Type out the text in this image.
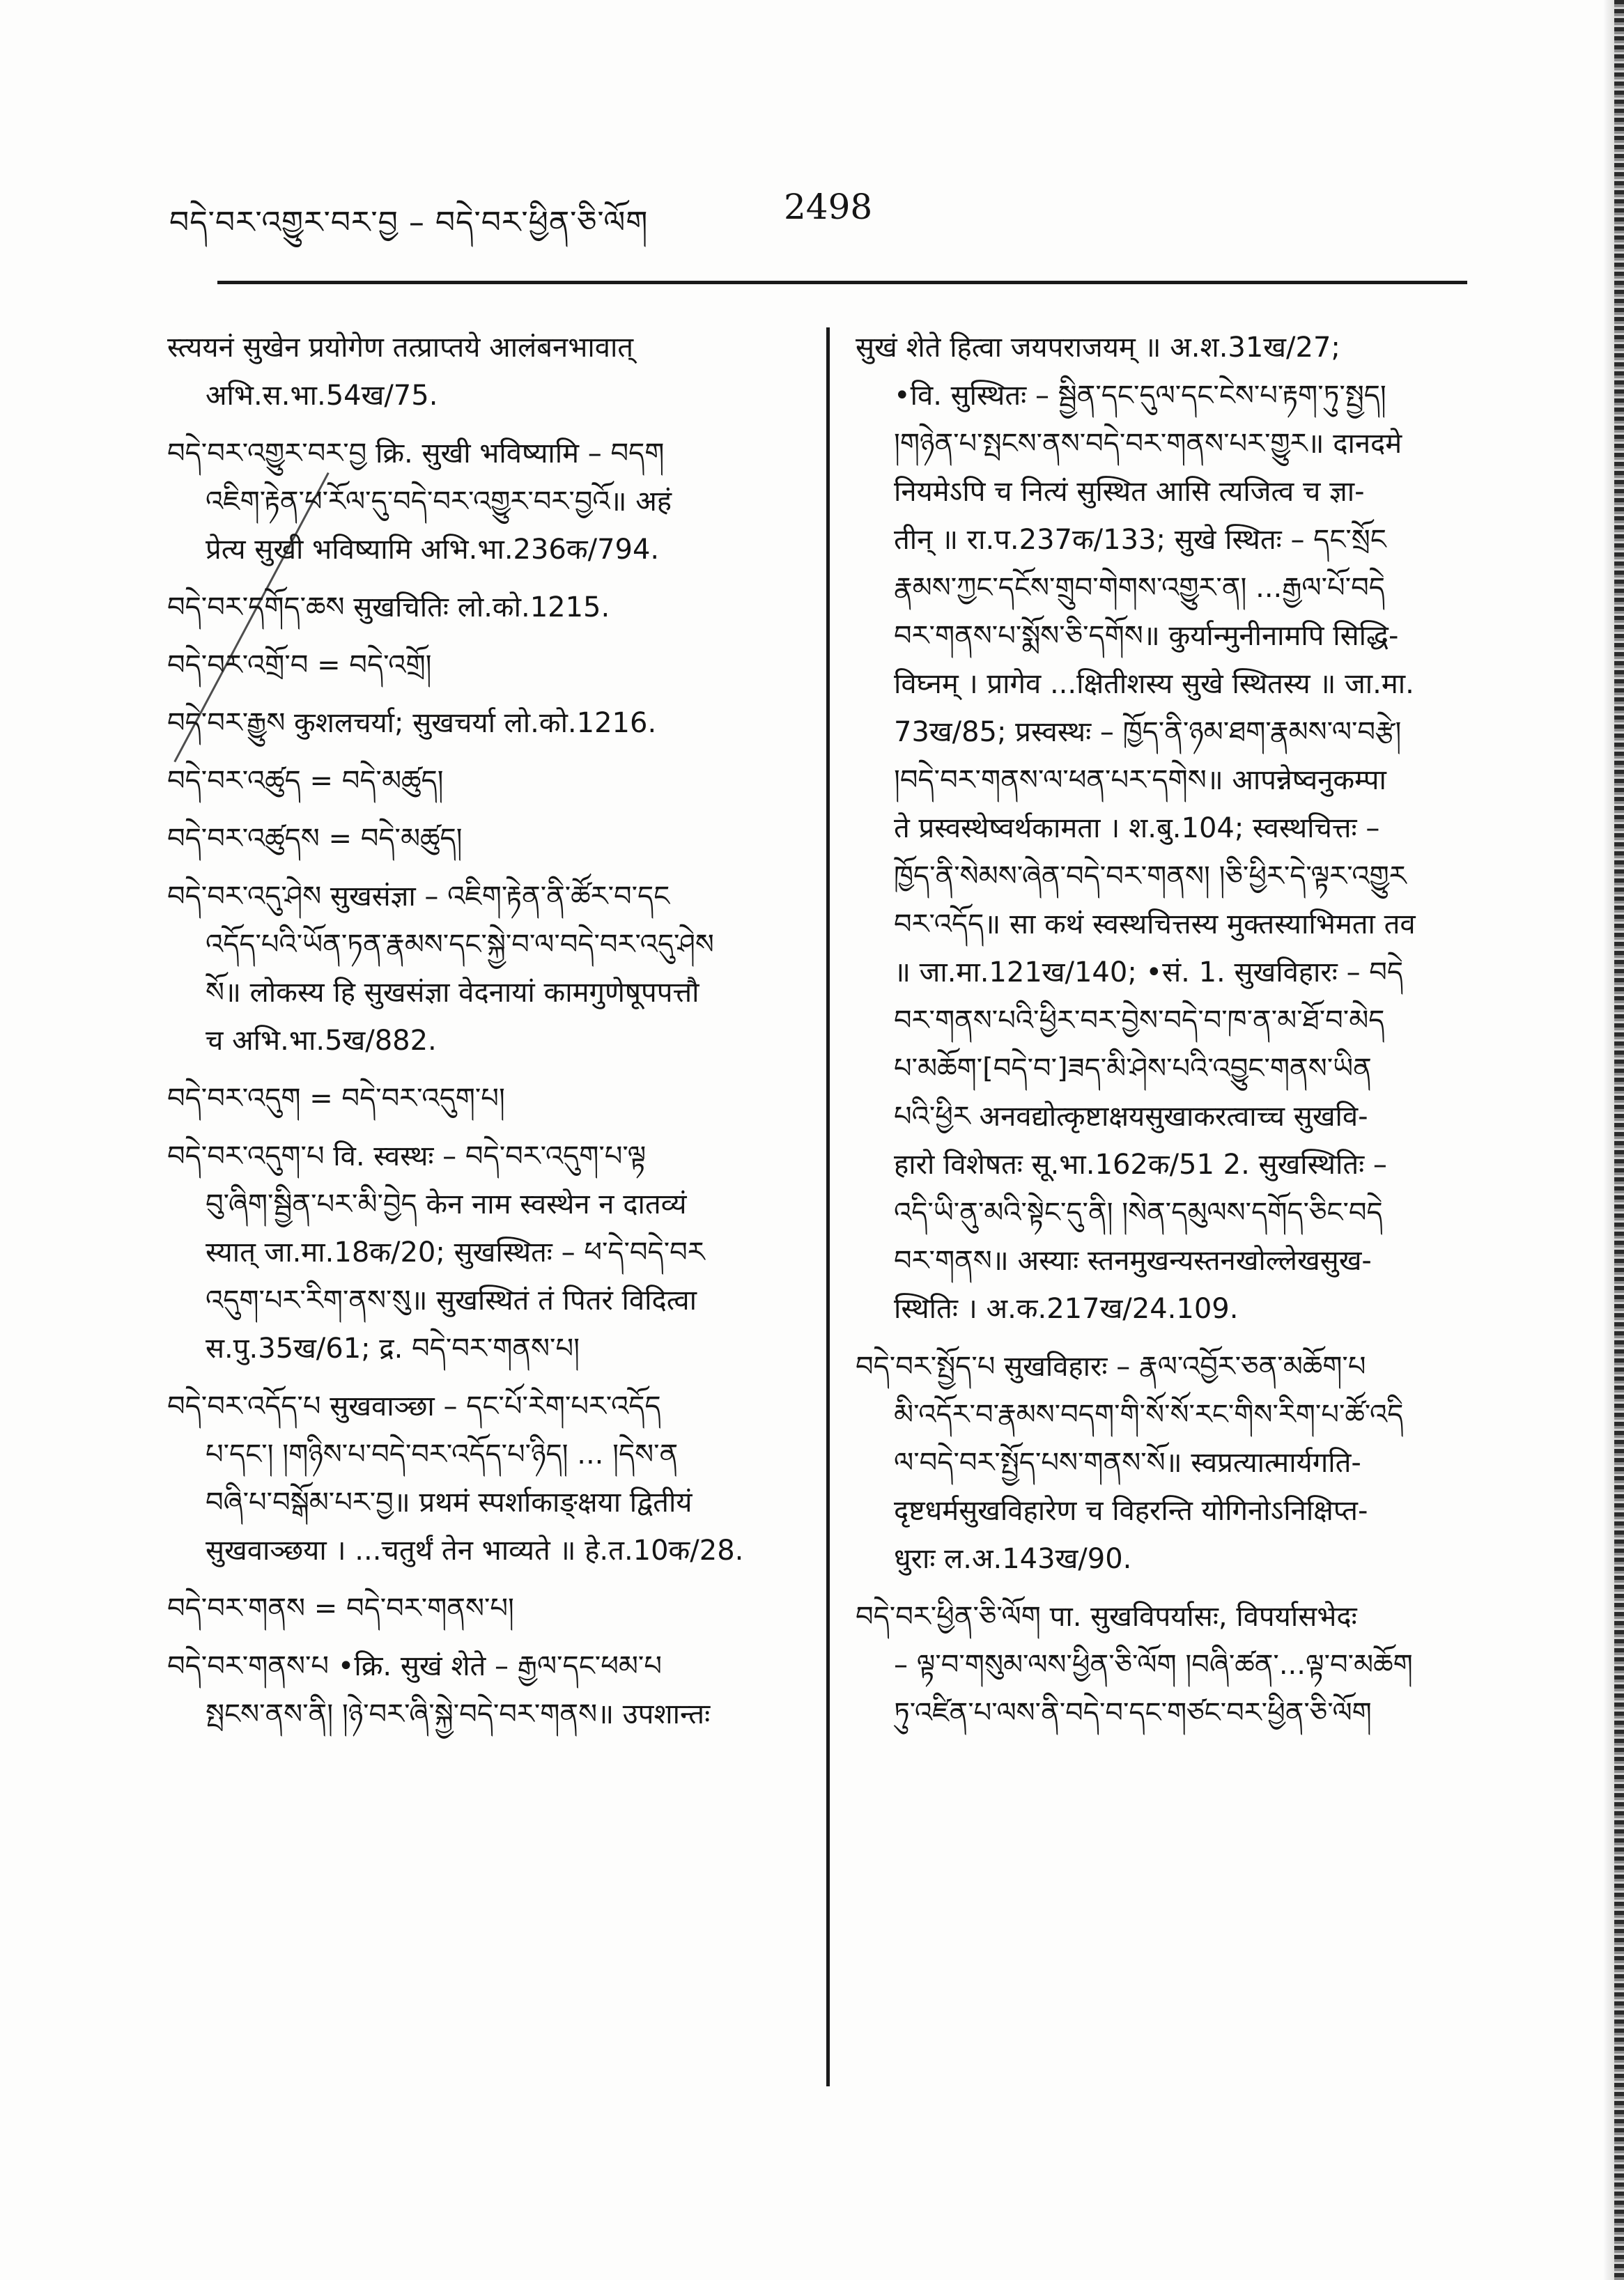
བདེ་བར་འགྱུར་བར་བྱ – བདེ་བར་ཕྱིན་ཅི་ལོག	2498
स्त्ययनं सुखेन प्रयोगेण तत्प्राप्तये आलंबनभावात्
अभि.स.भा.54ख/75.
བདེ་བར་འགྱུར་བར་བྱ क्रि. सुखी भविष्यामि – བདག
འཇིག་རྟེན་ཕ་རོལ་དུ་བདེ་བར་འགྱུར་བར་བྱའོ॥ अहं
प्रेत्य सुखी भविष्यामि अभि.भा.236क/794.
བདེ་བར་དགོད་ཆས सुखचितिः लो.को.1215.
བདེ་བར་འགྲོ་བ = བདེ་འགྲོ།
བདེ་བར་རྒྱུས कुशलचर्या; सुखचर्या लो.को.1216.
བདེ་བར་འཚུད = བདེ་མཚུད།
བདེ་བར་འཚུདས = བདེ་མཚུད།
བདེ་བར་འདུ་ཤེས सुखसंज्ञा – འཇིག་རྟེན་ནི་ཚོར་བ་དང
འདོད་པའི་ཡོན་ཏན་རྣམས་དང་སྐྱེ་བ་ལ་བདེ་བར་འདུ་ཤེས
སོ॥ लोकस्य हि सुखसंज्ञा वेदनायां कामगुणेषूपपत्तौ
च अभि.भा.5ख/882.
བདེ་བར་འདུག = བདེ་བར་འདུག་པ།
བདེ་བར་འདུག་པ वि. स्वस्थः – བདེ་བར་འདུག་པ་ལྟ
བུ་ཞིག་སྦྱིན་པར་མི་བྱེད केन नाम स्वस्थेन न दातव्यं
स्यात् जा.मा.18क/20; सुखस्थितः – ཕ་དེ་བདེ་བར
འདུག་པར་རིག་ནས་སུ॥ सुखस्थितं तं पितरं विदित्वा
स.पु.35ख/61; द्र. བདེ་བར་གནས་པ།
བདེ་བར་འདོད་པ सुखवाञ्छा – དང་པོ་རེག་པར་འདོད
པ་དང་། །གཉིས་པ་བདེ་བར་འདོད་པ་ཉིད། ... །དེས་ན
བཞི་པ་བསྒོམ་པར་བྱ॥ प्रथमं स्पर्शाकाङ्क्षया द्वितीयं
सुखवाञ्छया । ...चतुर्थं तेन भाव्यते ॥ हे.त.10क/28.
བདེ་བར་གནས = བདེ་བར་གནས་པ།
བདེ་བར་གནས་པ •क्रि. सुखं शेते – རྒྱལ་དང་ཕམ་པ
སྤངས་ནས་ནི། །ཉེ་བར་ཞི་སྐྱེ་བདེ་བར་གནས॥ उपशान्तः
सुखं शेते हित्वा जयपराजयम् ॥ अ.श.31ख/27;
•वि. सुस्थितः – སྦྱིན་དང་དུལ་དང་ངེས་པ་རྟག་ཏུ་སྤྱད།
།གཉེན་པ་སྤངས་ནས་བདེ་བར་གནས་པར་གྱུར॥ दानदमे
नियमेऽपि च नित्यं सुस्थित आसि त्यजित्व च ज्ञा-
तीन् ॥ रा.प.237क/133; सुखे स्थितः – དང་སྲོང
རྣམས་ཀྱང་དངོས་གྲུབ་གེགས་འགྱུར་ན། ...རྒྱལ་པོ་བདེ
བར་གནས་པ་སྨོས་ཅི་དགོས॥ कुर्यान्मुनीनामपि सिद्धि-
विघ्नम् । प्रागेव ...क्षितीशस्य सुखे स्थितस्य ॥ जा.मा.
73ख/85; प्रस्वस्थः – ཁྱོད་ནི་ཉམ་ཐག་རྣམས་ལ་བརྩེ།
།བདེ་བར་གནས་ལ་ཕན་པར་དགེས॥ आपन्नेष्वनुकम्पा
ते प्रस्वस्थेष्वर्थकामता । श.बु.104; स्वस्थचित्तः –
ཁྱོད་ནི་སེམས་ཞེན་བདེ་བར་གནས། །ཅི་ཕྱིར་དེ་ལྟར་འགྱུར
བར་འདོད॥ सा कथं स्वस्थचित्तस्य मुक्तस्याभिमता तव
॥ जा.मा.121ख/140; •सं. 1. सुखविहारः – བདེ
བར་གནས་པའི་ཕྱིར་བར་བྱེས་བདེ་བ་ཁ་ན་མ་ཐོ་བ་མེད
པ་མཆོག་[བདེ་བ་]ཟད་མི་ཤེས་པའི་འབྱུང་གནས་ཡིན
པའི་ཕྱིར अनवद्योत्कृष्टाक्षयसुखाकरत्वाच्च सुखवि-
हारो विशेषतः सू.भा.162क/51 2. सुखस्थितिः –
འདི་ཡི་ནུ་མའི་སྟེང་དུ་ནི། །སེན་དམུལས་དགོད་ཅིང་བདེ
བར་གནས॥ अस्याः स्तनमुखन्यस्तनखोल्लेखसुख-
स्थितिः । अ.क.217ख/24.109.
བདེ་བར་སྤྱོད་པ सुखविहारः – རྣལ་འབྱོར་ཅན་མཆོག་པ
མི་འདོར་བ་རྣམས་བདག་གི་སོ་སོ་རང་གིས་རིག་པ་ཚོ་འདི
ལ་བདེ་བར་སྤྱོད་པས་གནས་སོ॥ स्वप्रत्यात्मार्यगति-
दृष्टधर्मसुखविहारेण च विहरन्ति योगिनोऽनिक्षिप्त-
धुराः ल.अ.143ख/90.
བདེ་བར་ཕྱིན་ཅི་ལོག पा. सुखविपर्यासः, विपर्यासभेदः
– ལྟ་བ་གསུམ་ལས་ཕྱིན་ཅི་ལོག །བཞི་ཚན་...ལྟ་བ་མཆོག
ཏུ་འཛིན་པ་ལས་ནི་བདེ་བ་དང་གཙང་བར་ཕྱིན་ཅི་ལོག
